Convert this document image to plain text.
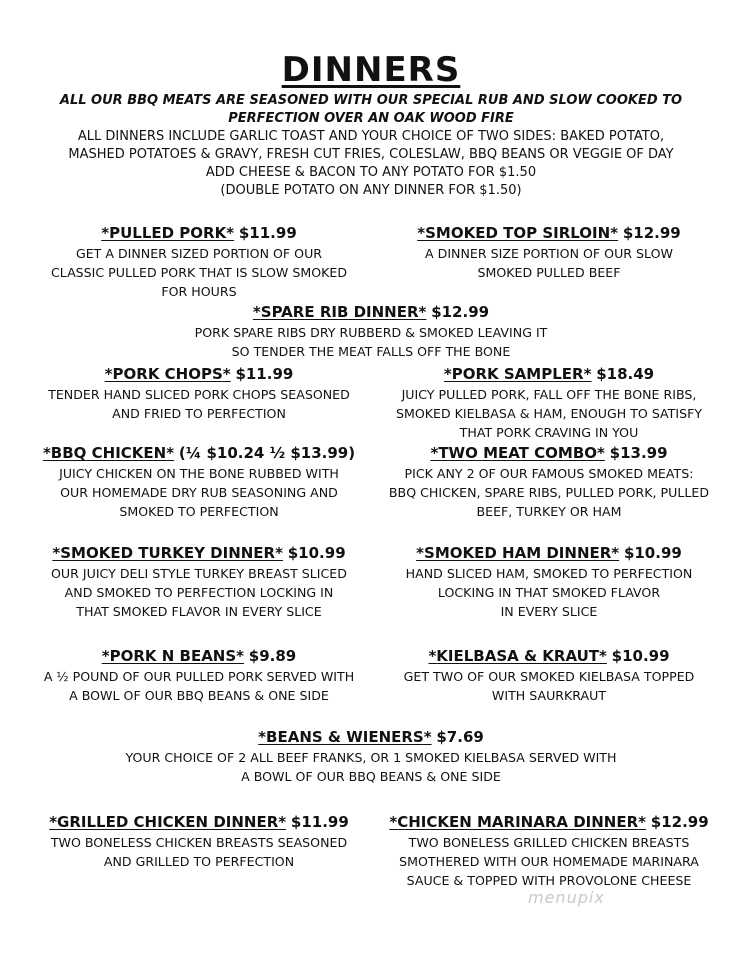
DINNERS
ALL OUR BBQ MEATS ARE SEASONED WITH OUR SPECIAL RUB AND SLOW COOKED TO
PERFECTION OVER AN OAK WOOD FIRE
ALL DINNERS INCLUDE GARLIC TOAST AND YOUR CHOICE OF TWO SIDES: BAKED POTATO,
MASHED POTATOES & GRAVY, FRESH CUT FRIES, COLESLAW, BBQ BEANS OR VEGGIE OF DAY
ADD CHEESE & BACON TO ANY POTATO FOR $1.50
(DOUBLE POTATO ON ANY DINNER FOR $1.50)
*PULLED PORK* $11.99
GET A DINNER SIZED PORTION OF OUR
CLASSIC PULLED PORK THAT IS SLOW SMOKED
FOR HOURS
*SMOKED TOP SIRLOIN* $12.99
A DINNER SIZE PORTION OF OUR SLOW
SMOKED PULLED BEEF
*SPARE RIB DINNER* $12.99
PORK SPARE RIBS DRY RUBBERD & SMOKED LEAVING IT
SO TENDER THE MEAT FALLS OFF THE BONE
*PORK CHOPS* $11.99
TENDER HAND SLICED PORK CHOPS SEASONED
AND FRIED TO PERFECTION
*PORK SAMPLER* $18.49
JUICY PULLED PORK, FALL OFF THE BONE RIBS,
SMOKED KIELBASA & HAM, ENOUGH TO SATISFY
THAT PORK CRAVING IN YOU
*BBQ CHICKEN* (¼ $10.24 ½ $13.99)
JUICY CHICKEN ON THE BONE RUBBED WITH
OUR HOMEMADE DRY RUB SEASONING AND
SMOKED TO PERFECTION
*TWO MEAT COMBO* $13.99
PICK ANY 2 OF OUR FAMOUS SMOKED MEATS:
BBQ CHICKEN, SPARE RIBS, PULLED PORK, PULLED
BEEF, TURKEY OR HAM
*SMOKED TURKEY DINNER* $10.99
OUR JUICY DELI STYLE TURKEY BREAST SLICED
AND SMOKED TO PERFECTION LOCKING IN
THAT SMOKED FLAVOR IN EVERY SLICE
*SMOKED HAM DINNER* $10.99
HAND SLICED HAM, SMOKED TO PERFECTION
LOCKING IN THAT SMOKED FLAVOR
IN EVERY SLICE
*PORK N BEANS* $9.89
A ½ POUND OF OUR PULLED PORK SERVED WITH
A BOWL OF OUR BBQ BEANS & ONE SIDE
*KIELBASA & KRAUT* $10.99
GET TWO OF OUR SMOKED KIELBASA TOPPED
WITH SAURKRAUT
*BEANS & WIENERS* $7.69
YOUR CHOICE OF 2 ALL BEEF FRANKS, OR 1 SMOKED KIELBASA SERVED WITH
A BOWL OF OUR BBQ BEANS & ONE SIDE
*GRILLED CHICKEN DINNER* $11.99
TWO BONELESS CHICKEN BREASTS SEASONED
AND GRILLED TO PERFECTION
*CHICKEN MARINARA DINNER* $12.99
TWO BONELESS GRILLED CHICKEN BREASTS
SMOTHERED WITH OUR HOMEMADE MARINARA
SAUCE & TOPPED WITH PROVOLONE CHEESE
menupix
